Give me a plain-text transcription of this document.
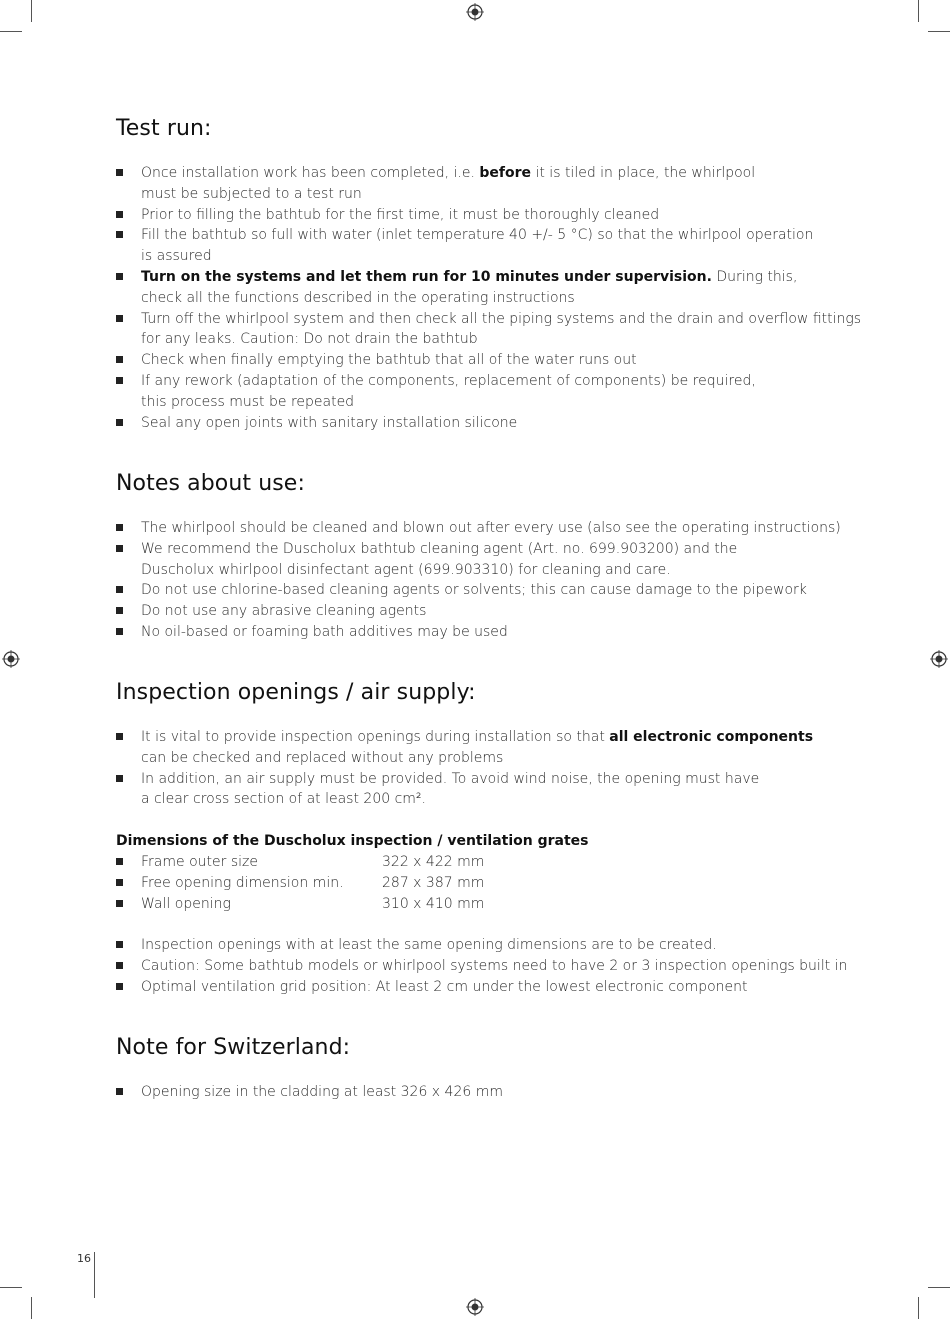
Test run:
Once installation work has been completed, i.e. before it is tiled in place, the whirlpool
must be subjected to a test run
Prior to filling the bathtub for the first time, it must be thoroughly cleaned
Fill the bathtub so full with water (inlet temperature 40 +/- 5 °C) so that the whirlpool operation
is assured
Turn on the systems and let them run for 10 minutes under supervision. During this,
check all the functions described in the operating instructions
Turn off the whirlpool system and then check all the piping systems and the drain and overflow fittings
for any leaks. Caution: Do not drain the bathtub
Check when finally emptying the bathtub that all of the water runs out
If any rework (adaptation of the components, replacement of components) be required,
this process must be repeated
Seal any open joints with sanitary installation silicone
Notes about use:
The whirlpool should be cleaned and blown out after every use (also see the operating instructions)
We recommend the Duscholux bathtub cleaning agent (Art. no. 699.903200) and the
Duscholux whirlpool disinfectant agent (699.903310) for cleaning and care.
Do not use chlorine-based cleaning agents or solvents; this can cause damage to the pipework
Do not use any abrasive cleaning agents
No oil-based or foaming bath additives may be used
Inspection openings / air supply:
It is vital to provide inspection openings during installation so that all electronic components
can be checked and replaced without any problems
In addition, an air supply must be provided. To avoid wind noise, the opening must have
a clear cross section of at least 200 cm².
Dimensions of the Duscholux inspection / ventilation grates
Frame outer size	322 x 422 mm
Free opening dimension min.	287 x 387 mm
Wall opening	310 x 410 mm
Inspection openings with at least the same opening dimensions are to be created.
Caution: Some bathtub models or whirlpool systems need to have 2 or 3 inspection openings built in
Optimal ventilation grid position: At least 2 cm under the lowest electronic component
Note for Switzerland:
Opening size in the cladding at least 326 x 426 mm
16
